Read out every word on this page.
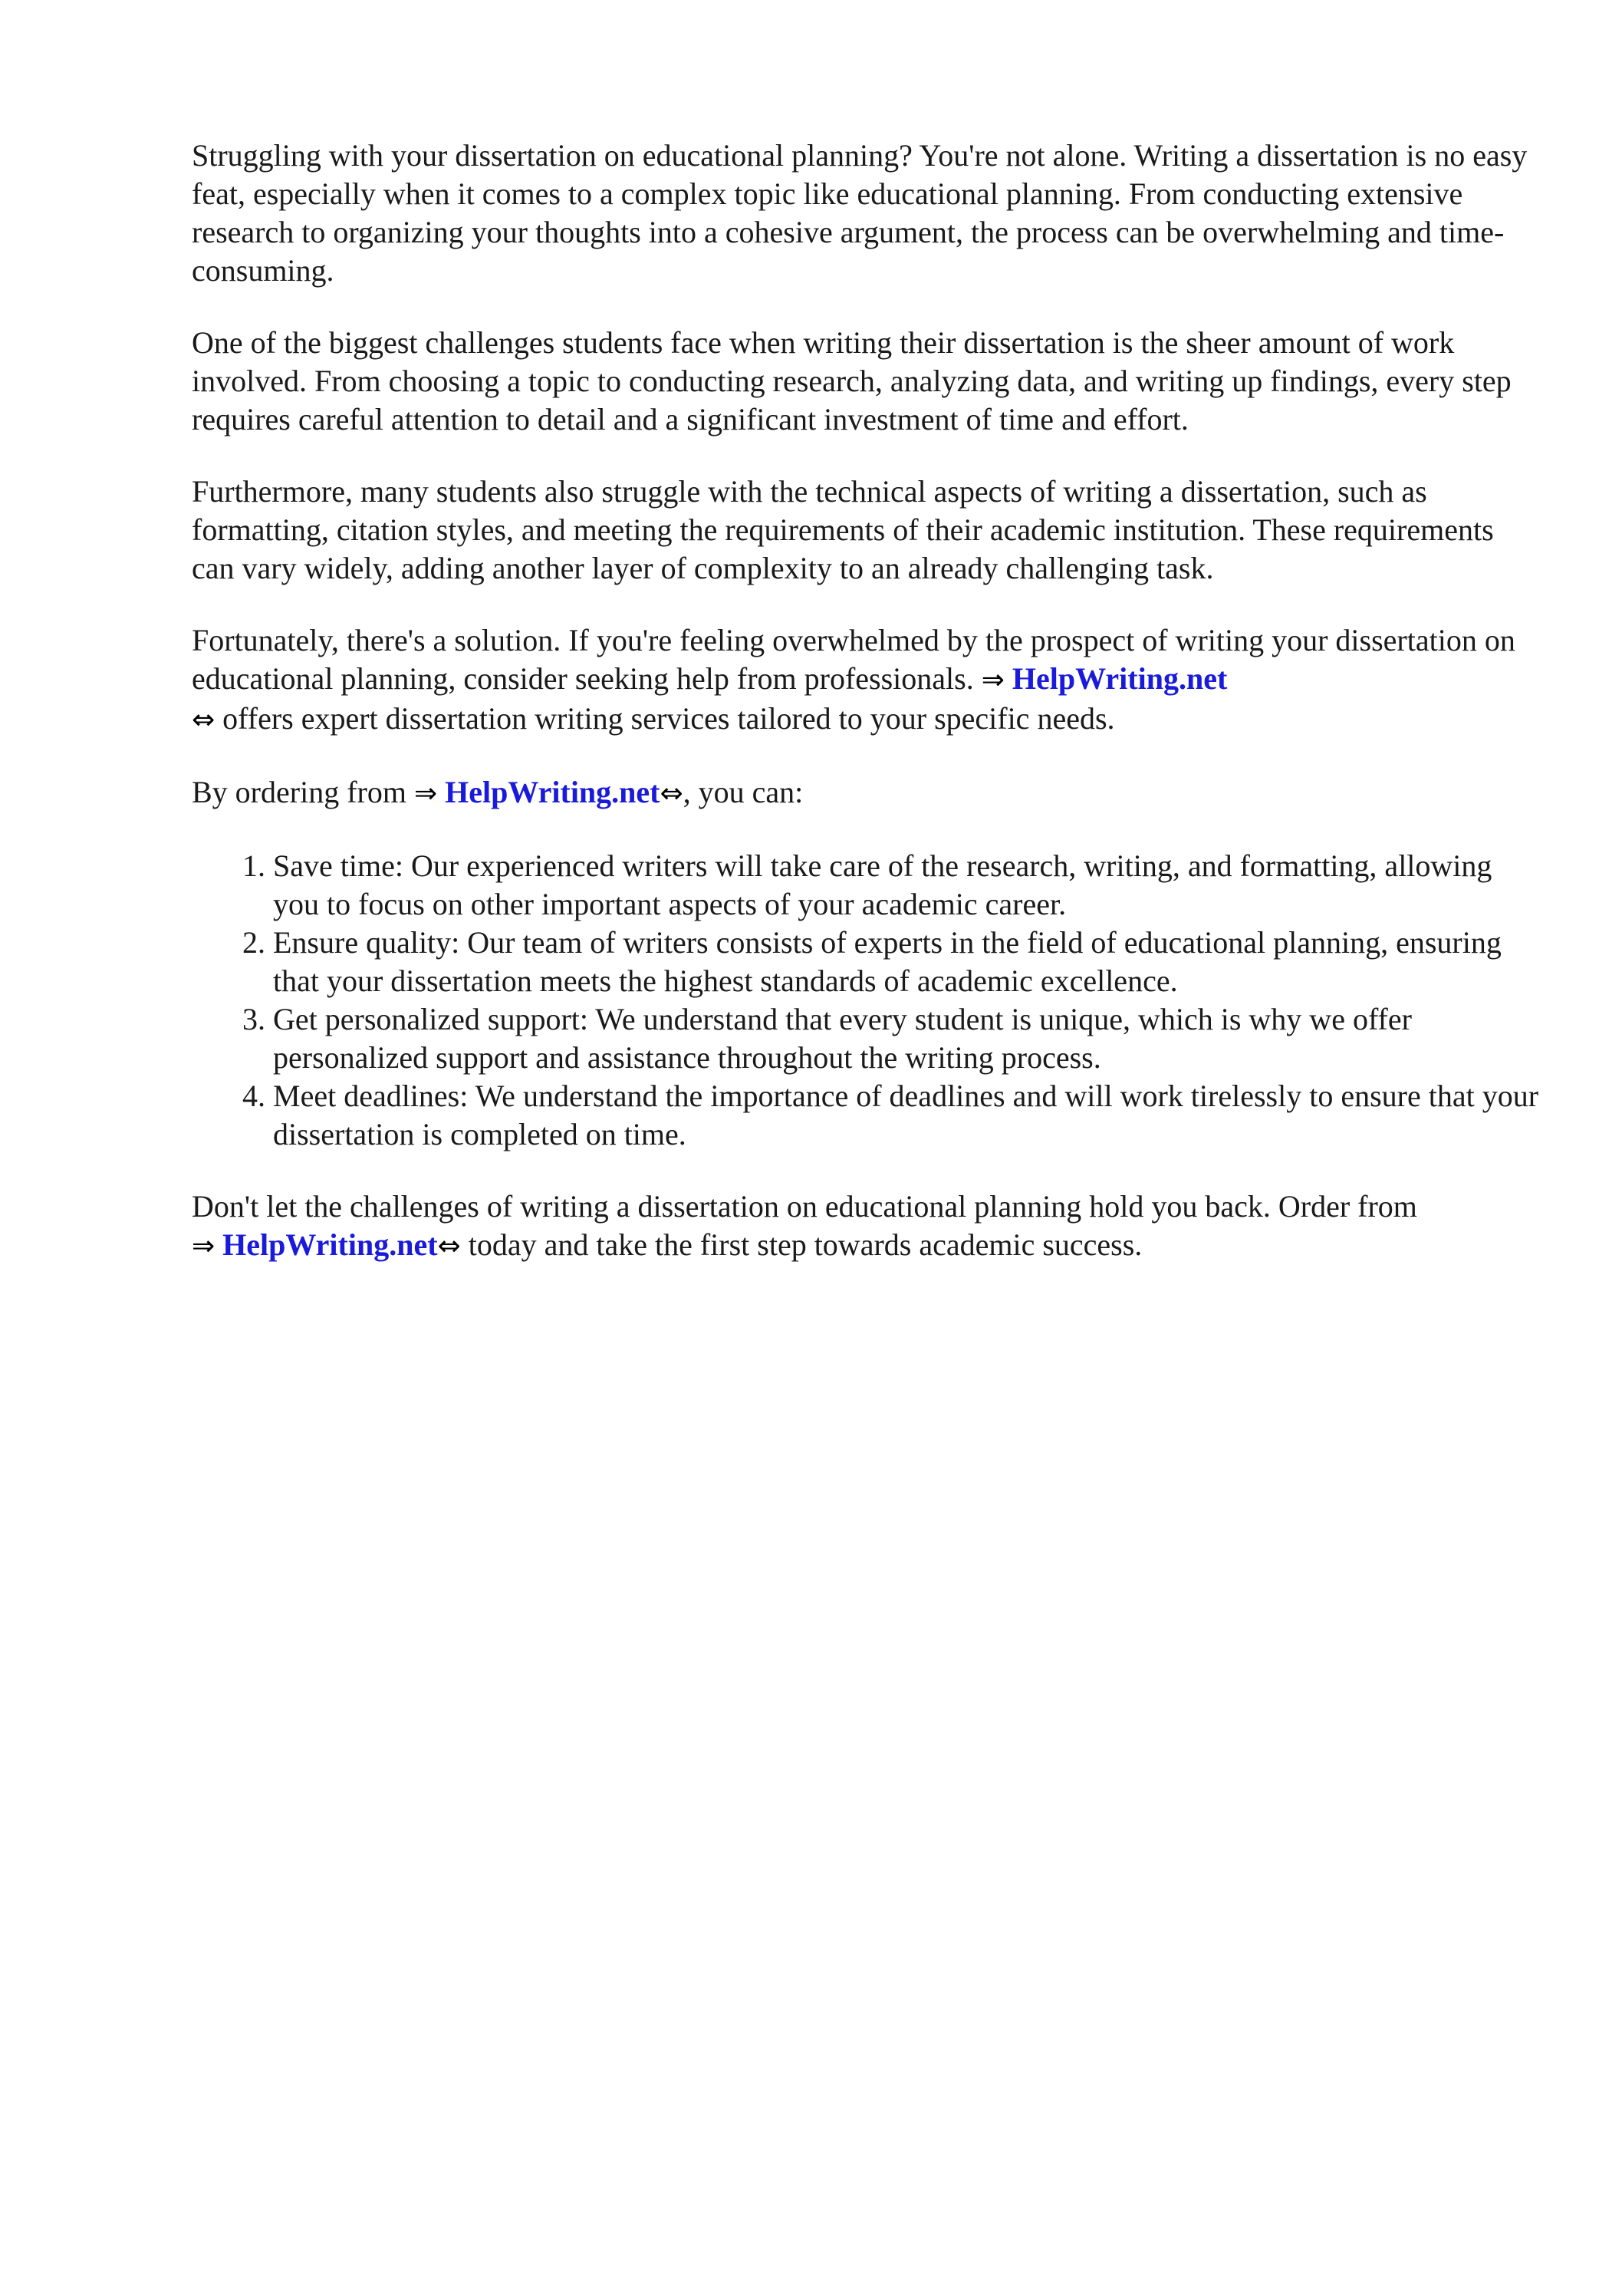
Struggling with your dissertation on educational planning? You're not alone. Writing a dissertation is no easy feat, especially when it comes to a complex topic like educational planning. From conducting extensive research to organizing your thoughts into a cohesive argument, the process can be overwhelming and time-consuming.

One of the biggest challenges students face when writing their dissertation is the sheer amount of work involved. From choosing a topic to conducting research, analyzing data, and writing up findings, every step requires careful attention to detail and a significant investment of time and effort.

Furthermore, many students also struggle with the technical aspects of writing a dissertation, such as formatting, citation styles, and meeting the requirements of their academic institution. These requirements can vary widely, adding another layer of complexity to an already challenging task.

Fortunately, there's a solution. If you're feeling overwhelmed by the prospect of writing your dissertation on educational planning, consider seeking help from professionals. ⇒ HelpWriting.net
⇔ offers expert dissertation writing services tailored to your specific needs.

By ordering from ⇒ HelpWriting.net⇔, you can:

1. Save time: Our experienced writers will take care of the research, writing, and formatting, allowing you to focus on other important aspects of your academic career.
2. Ensure quality: Our team of writers consists of experts in the field of educational planning, ensuring that your dissertation meets the highest standards of academic excellence.
3. Get personalized support: We understand that every student is unique, which is why we offer personalized support and assistance throughout the writing process.
4. Meet deadlines: We understand the importance of deadlines and will work tirelessly to ensure that your dissertation is completed on time.

Don't let the challenges of writing a dissertation on educational planning hold you back. Order from
⇒ HelpWriting.net⇔ today and take the first step towards academic success.
